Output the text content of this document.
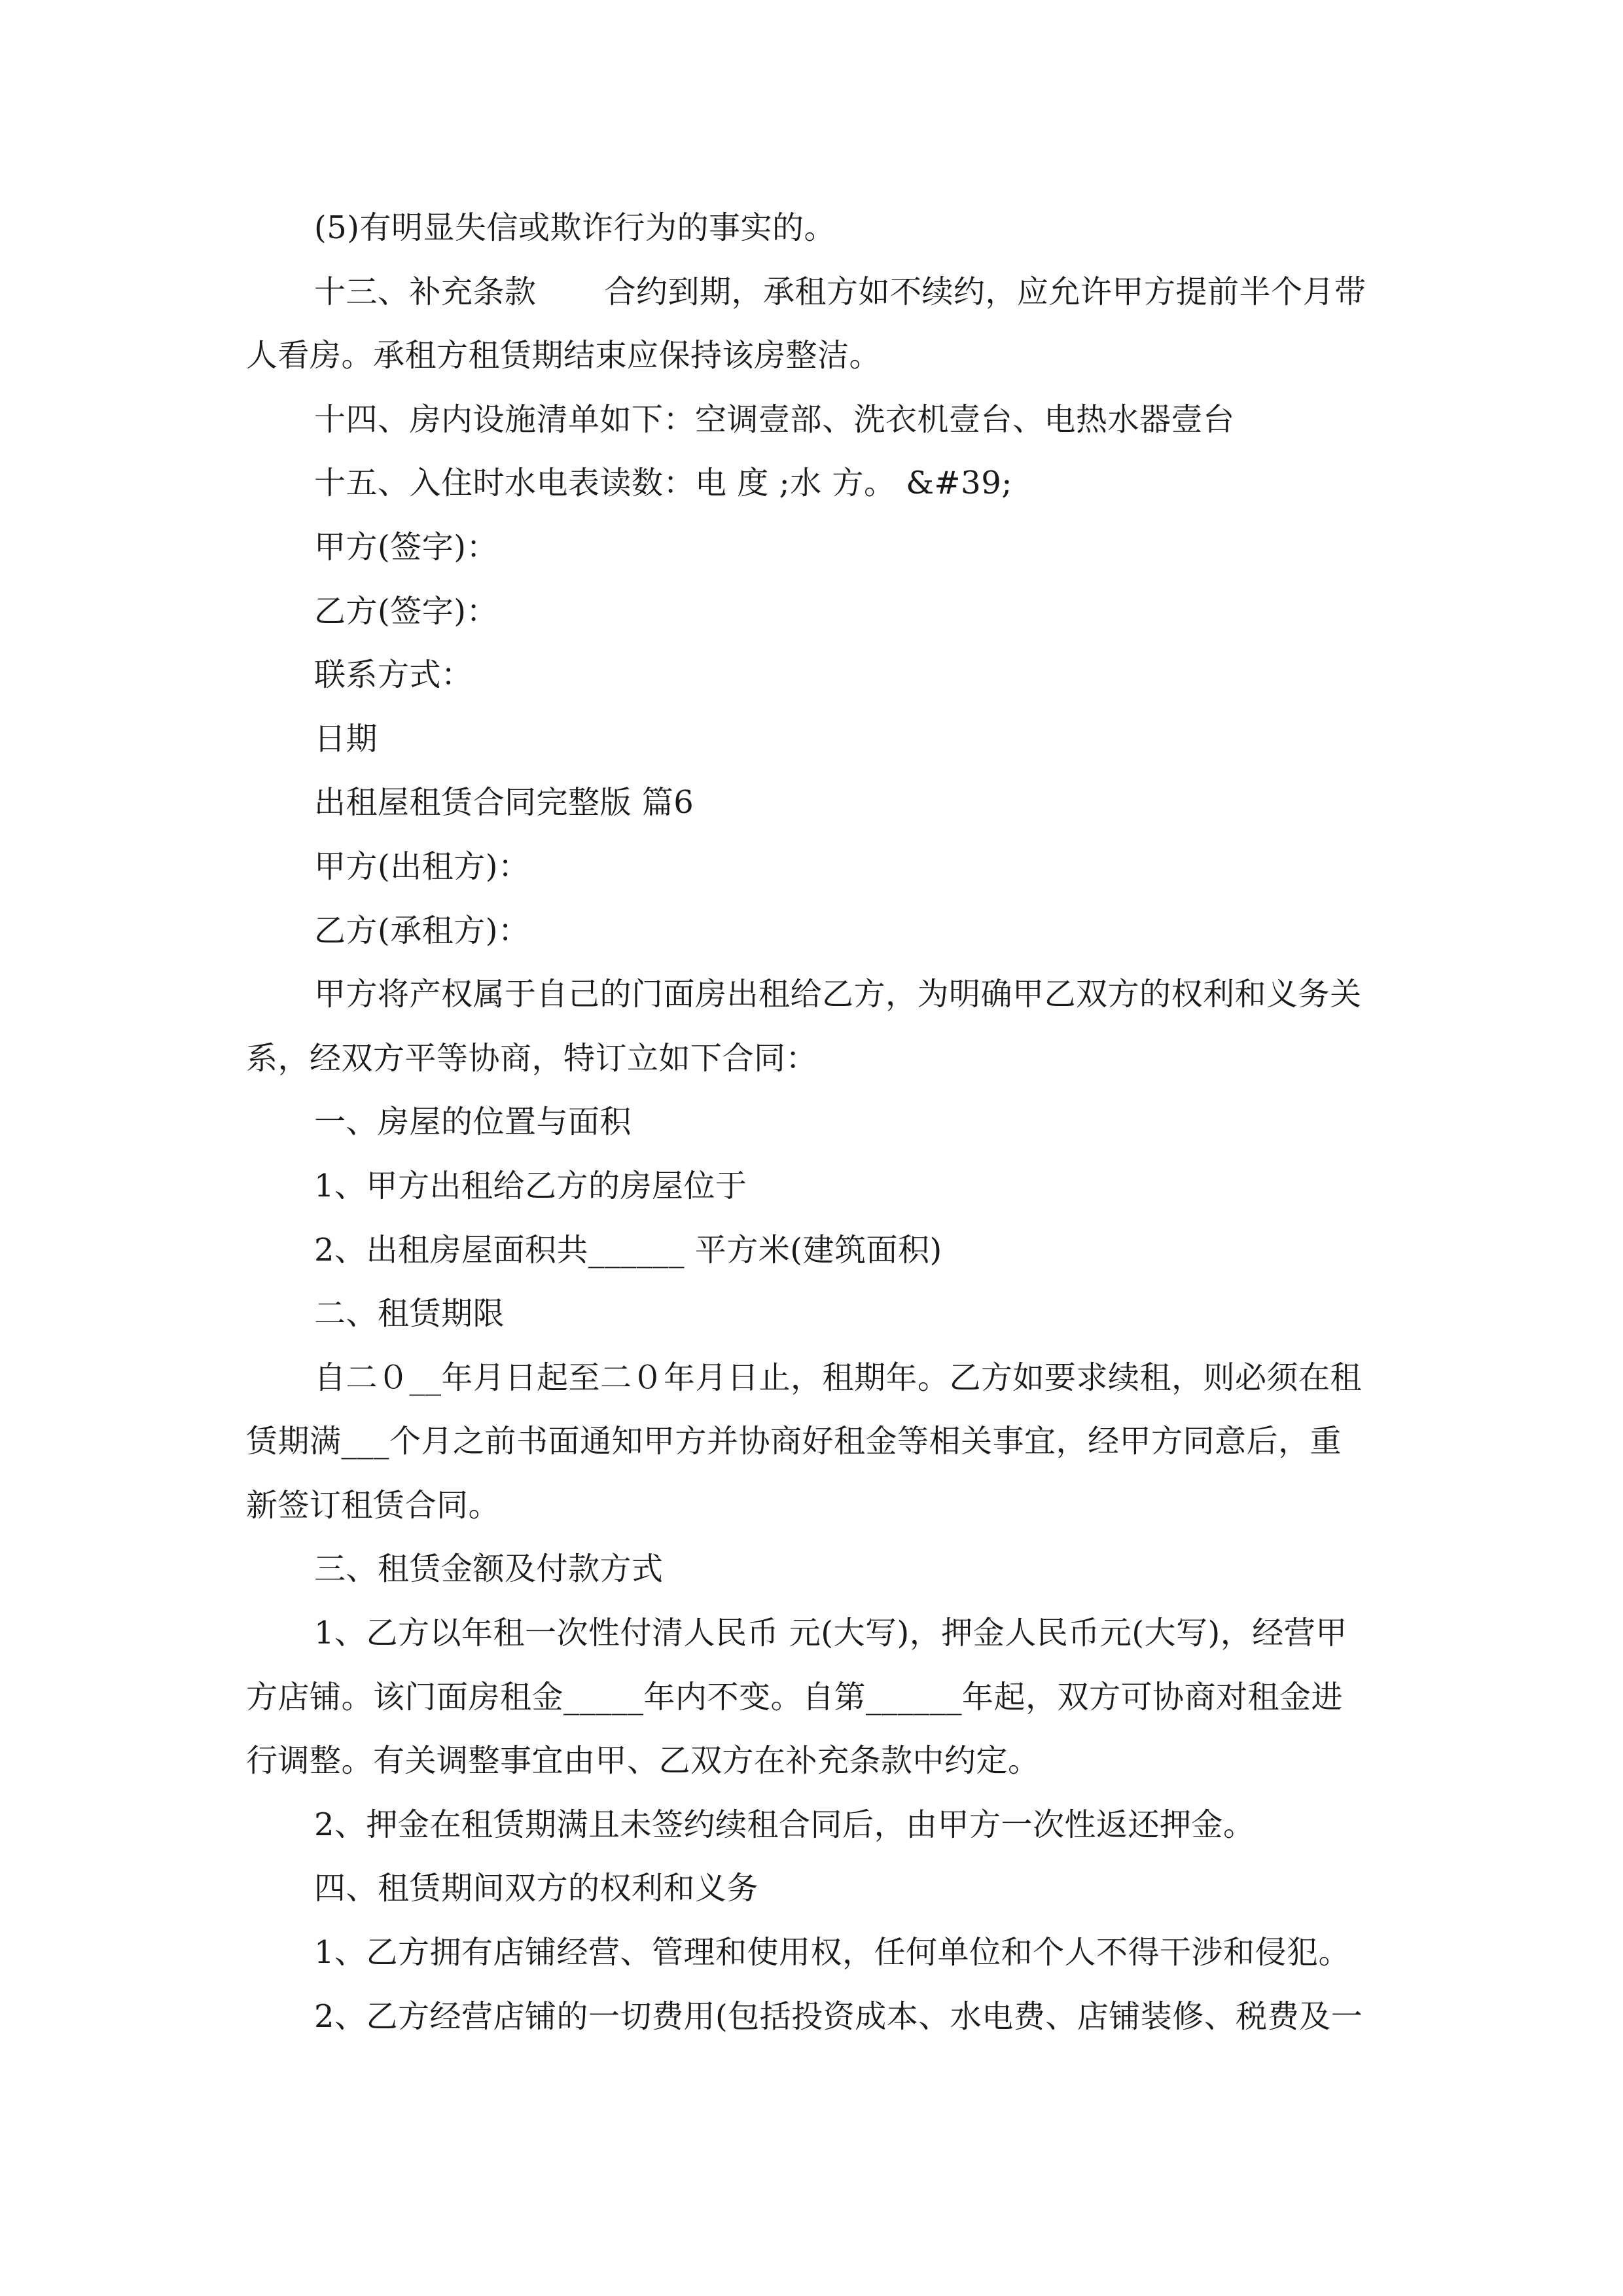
(5)有明显失信或欺诈行为的事实的。
十三、补充条款 合约到期，承租方如不续约，应允许甲方提前半个月带
人看房。承租方租赁期结束应保持该房整洁。
十四、房内设施清单如下：空调壹部、洗衣机壹台、电热水器壹台
十五、入住时水电表读数：电 度 ;水 方。 &#39;
甲方(签字)：
乙方(签字)：
联系方式：
日期
出租屋租赁合同完整版 篇6
甲方(出租方)：
乙方(承租方)：
甲方将产权属于自己的门面房出租给乙方，为明确甲乙双方的权利和义务关
系，经双方平等协商，特订立如下合同：
一、房屋的位置与面积
1、甲方出租给乙方的房屋位于
2、出租房屋面积共______ 平方米(建筑面积)
二、租赁期限
自二０__年月日起至二０年月日止，租期年。乙方如要求续租，则必须在租
赁期满___个月之前书面通知甲方并协商好租金等相关事宜，经甲方同意后，重
新签订租赁合同。
三、租赁金额及付款方式
1、乙方以年租一次性付清人民币 元(大写)，押金人民币元(大写)，经营甲
方店铺。该门面房租金_____年内不变。自第______年起，双方可协商对租金进
行调整。有关调整事宜由甲、乙双方在补充条款中约定。
2、押金在租赁期满且未签约续租合同后，由甲方一次性返还押金。
四、租赁期间双方的权利和义务
1、乙方拥有店铺经营、管理和使用权，任何单位和个人不得干涉和侵犯。
2、乙方经营店铺的一切费用(包括投资成本、水电费、店铺装修、税费及一
